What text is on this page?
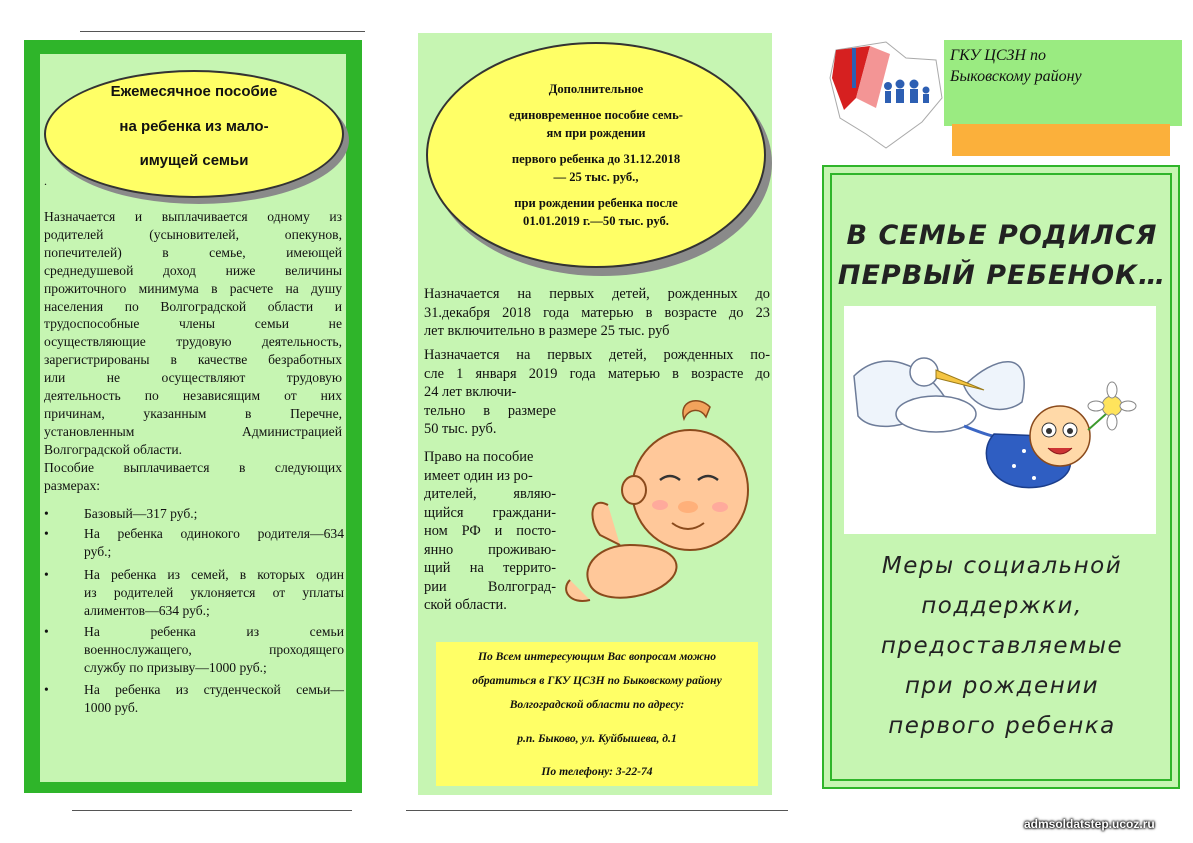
Ежемесячное пособие
на ребенка из мало-
имущей семьи
.
Назначается и выплачивается одному из
родителей (усыновителей, опекунов,
попечителей) в семье, имеющей
среднедушевой доход ниже величины
прожиточного минимума в расчете на душу
населения по Волгоградской области и
трудоспособные члены семьи не
осуществляющие трудовую деятельность,
зарегистрированы в качестве безработных
или не осуществляют трудовую
деятельность по независящим от них
причинам, указанным в Перечне,
установленным Администрацией
Волгоградской области.
Пособие выплачивается в следующих
размерах:
•	Базовый—317 руб.;
•	На ребенка одинокого родителя—634
руб.;
•	На ребенка из семей, в которых один
из родителей уклоняется от уплаты
алиментов—634 руб.;
•	На ребенка из семьи
военнослужащего, проходящего
службу по призыву—1000 руб.;
•	На ребенка из студенческой семьи—
1000 руб.
Дополнительное
единовременное пособие семь-
ям при рождении
первого ребенка до 31.12.2018
— 25 тыс. руб.,
при рождении ребенка после
01.01.2019 г.—50 тыс. руб.
Назначается на первых детей, рожденных до
31.декабря 2018 года матерью в возрасте до 23
лет включительно в размере 25 тыс. руб
Назначается на первых детей, рожденных по-
сле 1 января 2019 года матерью в возрасте до
24 лет включи-
тельно в размере
50 тыс. руб.
Право на пособие
имеет один из ро-
дителей, являю-
щийся граждани-
ном РФ и посто-
янно проживаю-
щий на террито-
рии Волгоград-
ской области.
По Всем интересующим Вас вопросам можно
обратиться в ГКУ ЦСЗН по Быковскому району
Волгоградской области по адресу:
р.п. Быково, ул. Куйбышева, д.1
По телефону: 3-22-74
ГКУ ЦСЗН по
Быковскому району
В СЕМЬЕ РОДИЛСЯ
ПЕРВЫЙ РЕБЕНОК…
Меры социальной
поддержки,
предоставляемые
при рождении
первого ребенка
admsoldatstep.ucoz.ru
